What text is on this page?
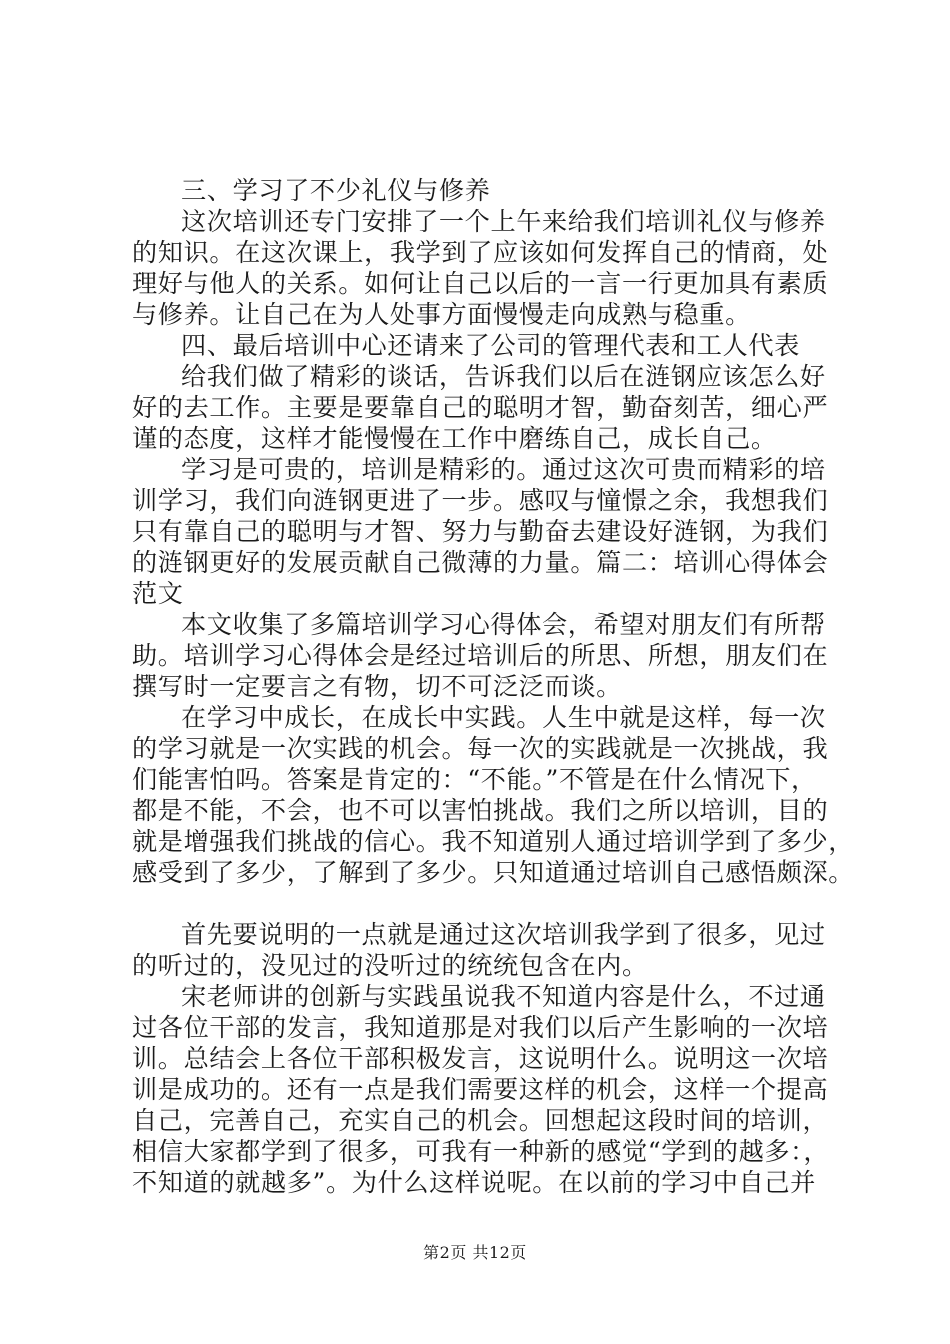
三、学习了不少礼仪与修养
这次培训还专门安排了一个上午来给我们培训礼仪与修养
的知识。在这次课上，我学到了应该如何发挥自己的情商，处
理好与他人的关系。如何让自己以后的一言一行更加具有素质
与修养。让自己在为人处事方面慢慢走向成熟与稳重。
四、最后培训中心还请来了公司的管理代表和工人代表
给我们做了精彩的谈话，告诉我们以后在涟钢应该怎么好
好的去工作。主要是要靠自己的聪明才智，勤奋刻苦，细心严
谨的态度，这样才能慢慢在工作中磨练自己，成长自己。
学习是可贵的，培训是精彩的。通过这次可贵而精彩的培
训学习，我们向涟钢更进了一步。感叹与憧憬之余，我想我们
只有靠自己的聪明与才智、努力与勤奋去建设好涟钢，为我们
的涟钢更好的发展贡献自己微薄的力量。篇二：培训心得体会
范文
本文收集了多篇培训学习心得体会，希望对朋友们有所帮
助。培训学习心得体会是经过培训后的所思、所想，朋友们在
撰写时一定要言之有物，切不可泛泛而谈。
在学习中成长，在成长中实践。人生中就是这样，每一次
的学习就是一次实践的机会。每一次的实践就是一次挑战，我
们能害怕吗。答案是肯定的：“不能。”不管是在什么情况下，
都是不能，不会，也不可以害怕挑战。我们之所以培训，目的
就是增强我们挑战的信心。我不知道别人通过培训学到了多少，
感受到了多少，了解到了多少。只知道通过培训自己感悟颇深。
首先要说明的一点就是通过这次培训我学到了很多，见过
的听过的，没见过的没听过的统统包含在内。
宋老师讲的创新与实践虽说我不知道内容是什么，不过通
过各位干部的发言，我知道那是对我们以后产生影响的一次培
训。总结会上各位干部积极发言，这说明什么。说明这一次培
训是成功的。还有一点是我们需要这样的机会，这样一个提高
自己，完善自己，充实自己的机会。回想起这段时间的培训，
相信大家都学到了很多，可我有一种新的感觉“学到的越多：，
不知道的就越多”。为什么这样说呢。在以前的学习中自己并
第2页 共12页
